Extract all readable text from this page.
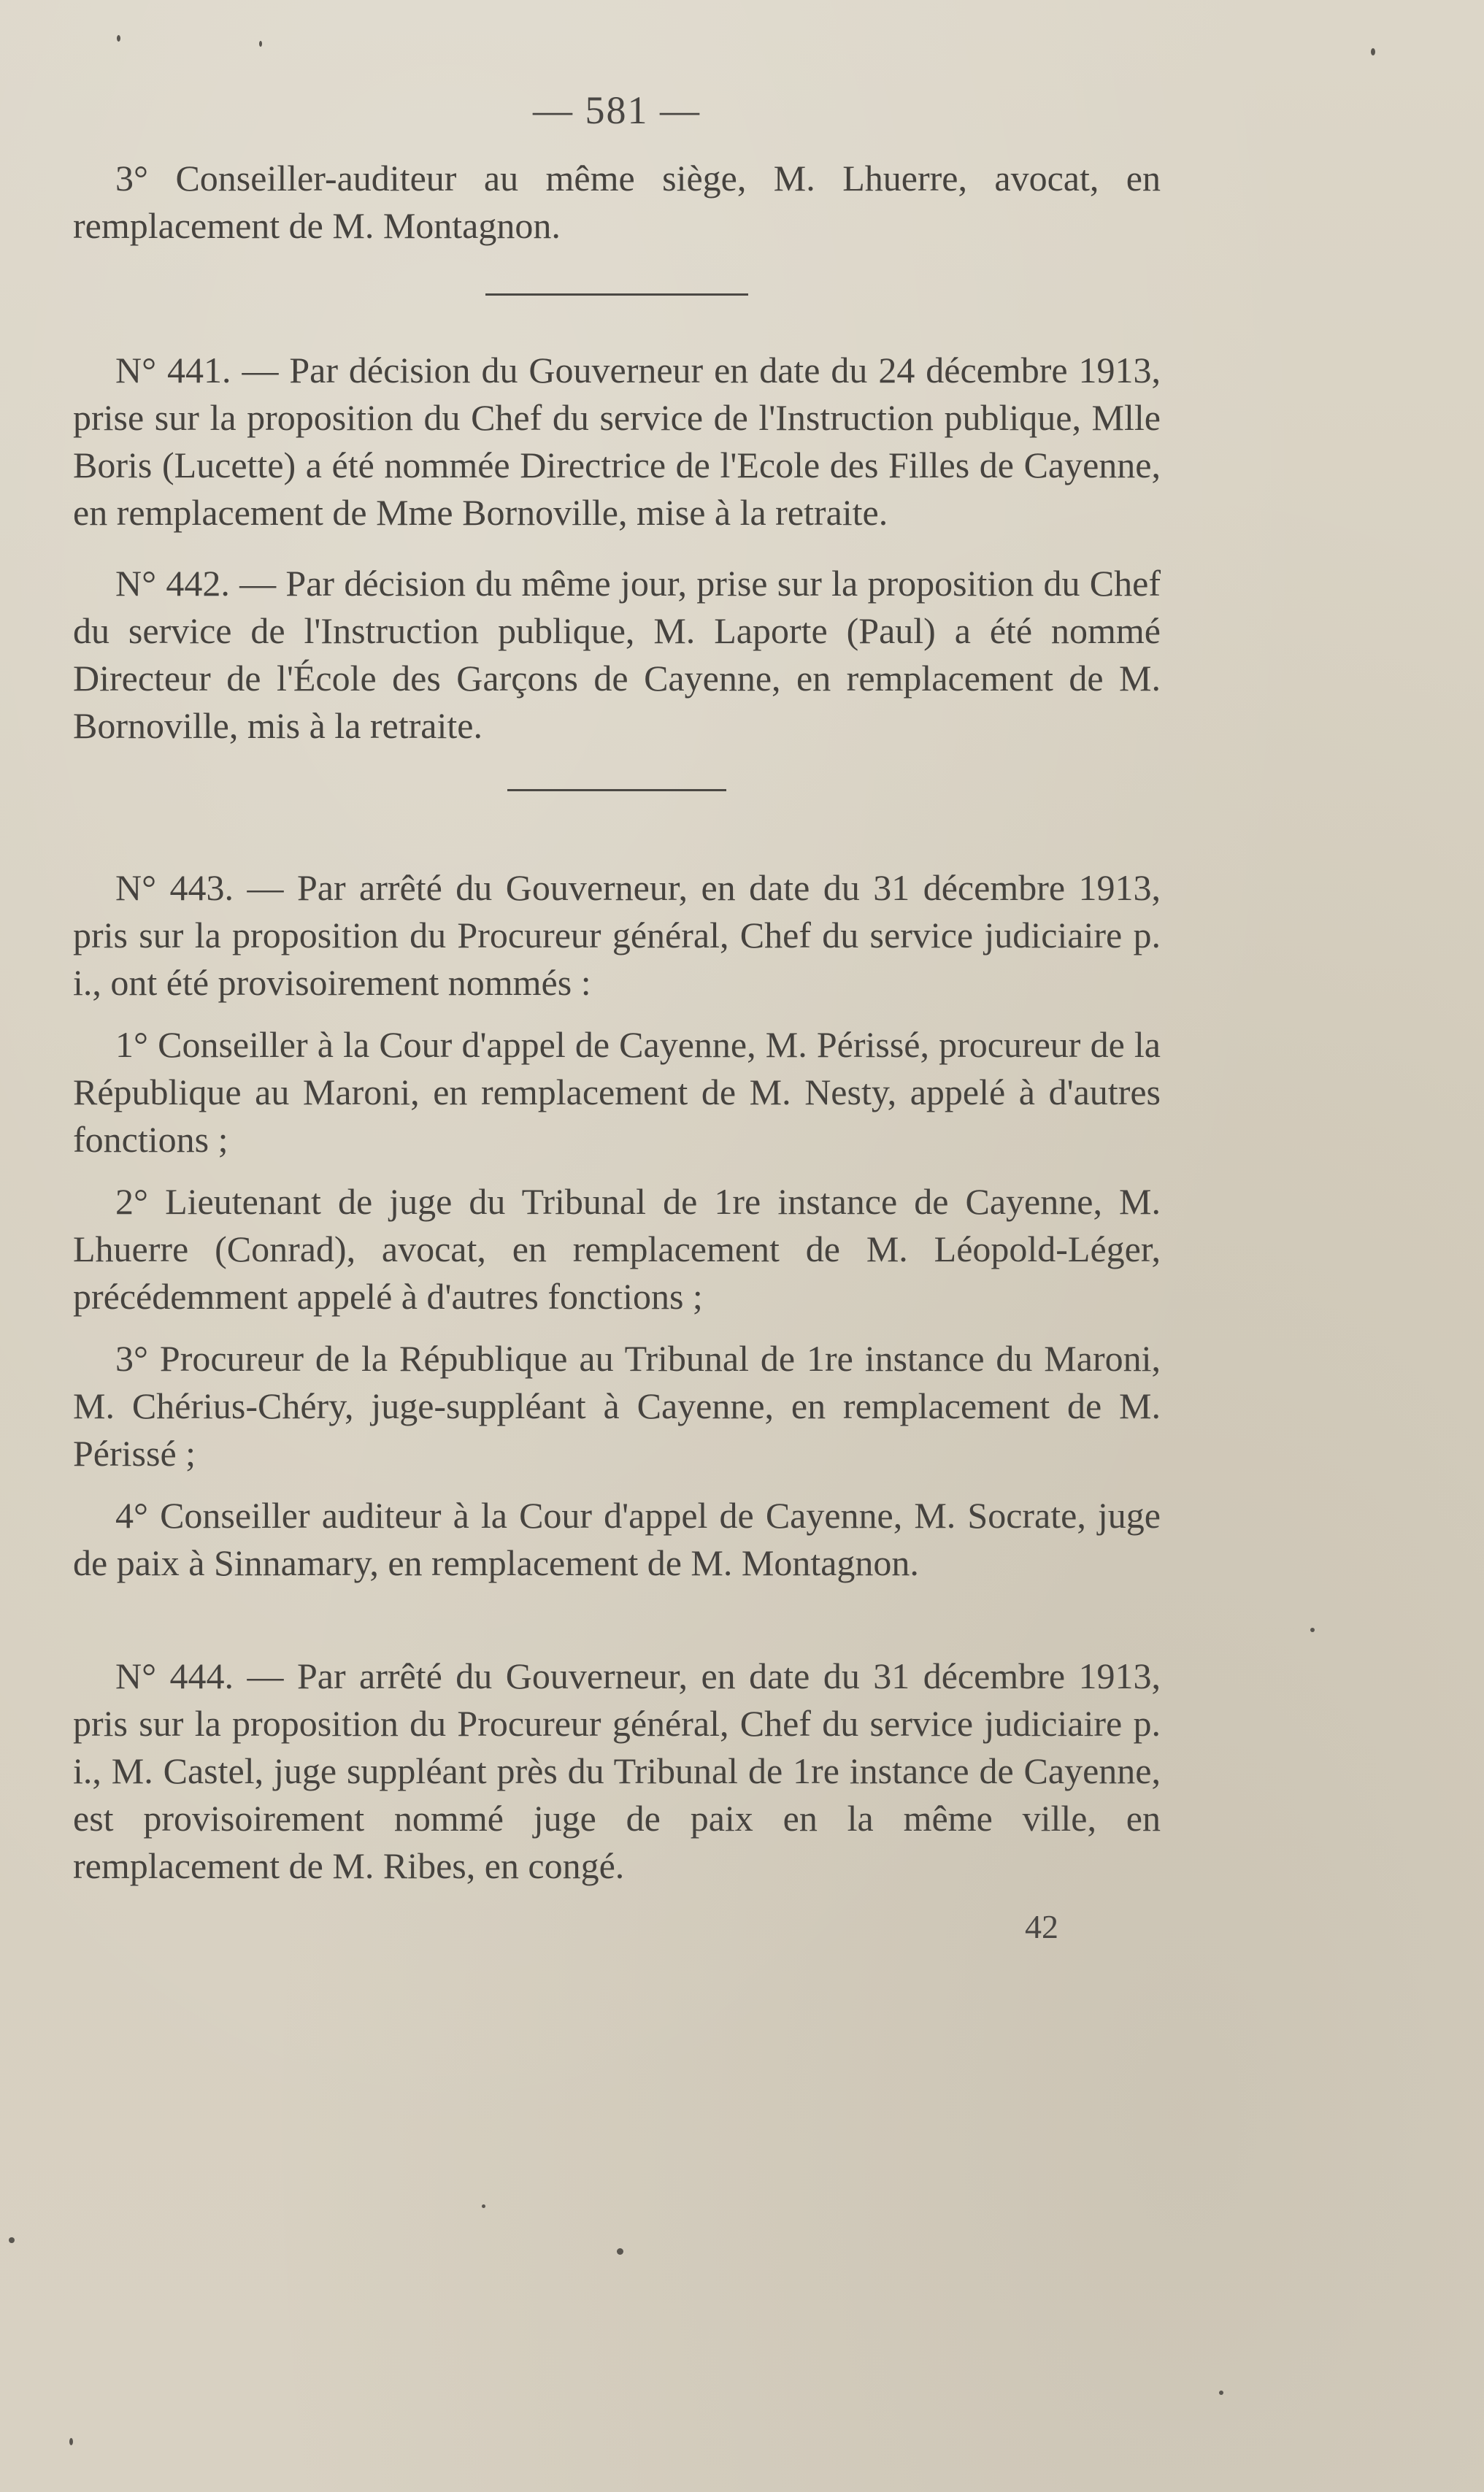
— 581 —

3° Conseiller-auditeur au même siège, M. Lhuerre, avocat, en remplacement de M. Montagnon.

N° 441. — Par décision du Gouverneur en date du 24 décembre 1913, prise sur la proposition du Chef du service de l'Instruction publique, Mlle Boris (Lucette) a été nommée Directrice de l'Ecole des Filles de Cayenne, en remplacement de Mme Bornoville, mise à la retraite.

N° 442. — Par décision du même jour, prise sur la proposition du Chef du service de l'Instruction publique, M. Laporte (Paul) a été nommé Directeur de l'École des Garçons de Cayenne, en remplacement de M. Bornoville, mis à la retraite.

N° 443. — Par arrêté du Gouverneur, en date du 31 décembre 1913, pris sur la proposition du Procureur général, Chef du service judiciaire p. i., ont été provisoirement nommés :

1° Conseiller à la Cour d'appel de Cayenne, M. Périssé, procureur de la République au Maroni, en remplacement de M. Nesty, appelé à d'autres fonctions ;

2° Lieutenant de juge du Tribunal de 1re instance de Cayenne, M. Lhuerre (Conrad), avocat, en remplacement de M. Léopold-Léger, précédemment appelé à d'autres fonctions ;

3° Procureur de la République au Tribunal de 1re instance du Maroni, M. Chérius-Chéry, juge-suppléant à Cayenne, en remplacement de M. Périssé ;

4° Conseiller auditeur à la Cour d'appel de Cayenne, M. Socrate, juge de paix à Sinnamary, en remplacement de M. Montagnon.

N° 444. — Par arrêté du Gouverneur, en date du 31 décembre 1913, pris sur la proposition du Procureur général, Chef du service judiciaire p. i., M. Castel, juge suppléant près du Tribunal de 1re instance de Cayenne, est provisoirement nommé juge de paix en la même ville, en remplacement de M. Ribes, en congé.

42
